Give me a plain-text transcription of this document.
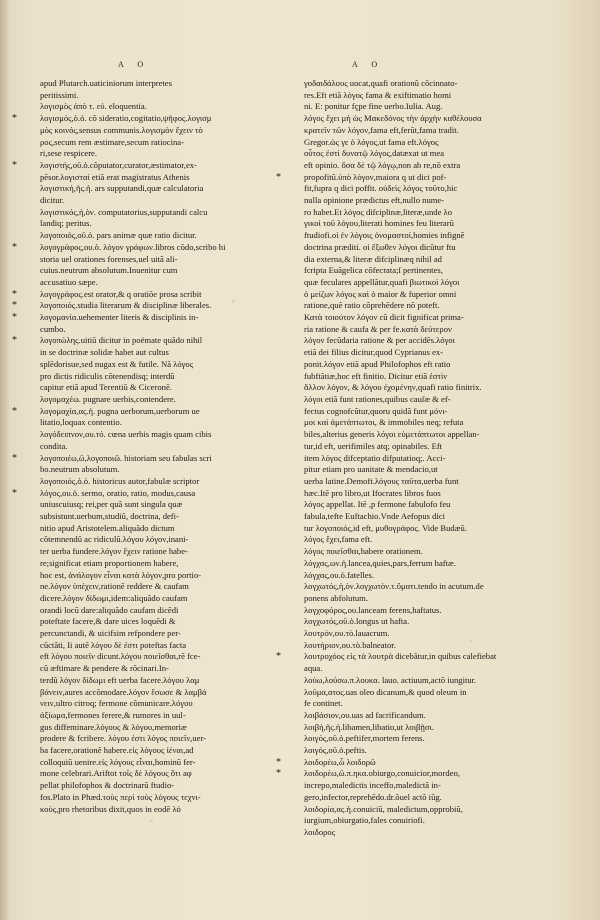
A O	A O
apud Plutarch.uaticiniorum interpretes
peritissimi.
λογισμὸς ἀπὸ τ. εὐ. eloquentia.
* λογισμός,ὁ.ὁ. cõ sideratio,cogitatio,ψῆφος.λογισμ
μὸς κοινός,sensus communis.λογισμὸν ἔχειν τὸ
ρος,secum rem æstimare,secum ratiocina-
ri,sese respicere.
* λογιστής,οῦ.ὁ.cõputator,curator,æstimator,ex-
pēsor.λογισταὶ etiã erat magistratus Athenis
λογιστική,ῆς.ἡ. ars supputandi,quæ calculatoria
dicitur.
λογιστικός,ἡ,ὸν. computatorius,supputandi calcu
landiq; peritus.
λογοποιός,οῦ.ὁ. pars animæ quæ ratio dicitur.
* λογογράφος,ου.ὁ. λόγον γράφων.libros cõdo,scribo hi
storia uel orationes forenses,uel uitã ali-
cuius.neutrum absolutum.Inuenitur cum
accusatiuo sæpe.
* λογογράφος.est orator,& q oratiõe prosa scribit
* λογοποιός.studia literarum & disciplinæ liberales.
* λογομανία.uehementer literis & disciplinis in-
cumbo.
* λογοπώλης.uitiũ dicitur in poëmate quãdo nihil
in se doctrinæ solidæ habet aut cultus
splēdorisue,sed nugax est & futile. Nã λόγος
pro dictis ridiculis cõtenendisq; interdũ
capitur etiã apud Terentiũ & Ciceronē.
λογομαχέω. pugnare uerbis,contendere.
* λογομαχία,ας.ἡ. pugna uerborum,uerborum ue
litatio,loquax contentio.
λογόδειπνον,ου.τό. cœna uerbis magis quam cibis
condita.
* λογοποιέω,ῶ,λογοποιῶ. historiam seu fabulas scri
bo.neutrum absolutum.
λογοποιός,ὁ.ὁ. historicus autor,fabulæ scriptor
* λόγος,ου.ὁ. sermo, oratio, ratio, modus,causa
uniuscuiusq; rei,per quã sunt singula quæ
subsistunt.uerbum,studiũ, doctrina, defi-
nitio apud Aristotelem.aliquãdo dictum
cõtemnendũ ac ridiculũ.λόγου λόγον,inani-
ter uerba fundere.λόγον ἔχειν ratione habe-
re;significat etiam proportionem habere,
hoc est, ἀνάλογον εἶναι κατὰ λόγον,pro portio-
ne.λόγον ὑπέχειν,rationē reddere & caufam
dicere.λόγον δίδωμι,idem:aliquãdo caufam
orandi locũ dare:aliquãdo caufam dicēdi
poteftate facere,& dare uices loquēdi &
percunctandi, & uicifsim refpondere per-
cũctãti, Ii autē λόγου δὲ ἐστι poteftas facta
eft λόγου ποιεῖν dicunt.λόγου ποιεῖσθαι,rẽ fce-
cũ æftimare & pendere & rõcinari.In-
terdũ λόγον δίδωμι eft uerba facere.λόγου λαμ
βάνειν,aures accõmodare.λόγον ἔσωσε & λαμβά
νειν,ultro citroq; fermone cõmunicare.λόγου
ἀξίωμα,fermones ferere,& rumores in uul-
gus diffeminare.λόγους & λόγου,memoriæ
prodere & fcribere. λόγου ἐστι λόγος ποιεῖν,uer-
ba facere,orationẽ habere.εἰς λόγους ἰέναι,ad
colloquiũ uenire.εἰς λόγους εἶναι,hominũ fer-
mone celebrari.Ariftot τοῖς δὲ λόγους ὅτι aφ
pellat philofophos & doctrinarũ ftudio-
fos.Plato in Phæd.τοὺς περὶ τοὺς λόγους τεχνι-
κοὺς,pro rhetoribus dixit,quos in eodē λό
γοδαιδάλους uocat,quafi orationũ cõcinnato-
res.Eft etiã λόγος fama & exiftimatio homi
ni. E: ponitur fçpe fine uerbo.Iulia. Aug.
λόγος ἔχει μὴ ὡς Μακεδόνος τὴν ἀρχὴν καθέλουσα
κρατεῖν τῶν λόγον,fama eft,ferũt,fama tradit.
Gregor.ὡς γε ὁ λόγος,ut fama eft.λόγος
οὗτος ἐστὶ δυνατῷ λόγος,datæxat ut mea
eft opinio. ὅσα δὲ τῷ λόγῳ,non ab re,nõ extra
* propofitũ.ὑπὸ λόγον,maiora q ut dici pof-
fit,fupra q dici poffit. οὐδεὶς λόγος τοῦτο,hic
nulla opinione prædictus eft,nullo nume-
ro habet.Et λόγος difciplinæ,literæ,unde λο
γικοὶ τοῦ λόγου,literati homines feu literarũ
ftudiofi.οἱ ἐν λόγοις ὀνομαστοί,homies infignẽ
doctrina præditi. οἱ ἔξωθεν λόγοι dicũtur ftu
dia externa,& literæ difciplinæq nihil ad
fcripta Euãgelica cõfecrata;ſ pertinentes,
quæ feculares appellãtur,quafi βιωτικοὶ λόγοι
ὁ μείζων λόγος καὶ ὁ maior & fuperior omni
ratione,quẽ ratio cõprehēdere nõ poteft.
Κατὰ τοιούτον λόγον cũ dicit fignificat prima-
ria ratione & caufa & per fe.κατὰ δεύτερον
λόγον fecũdaria ratione & per accidēs.λόγοι
etiã dei filius dicitur,quod Cyprianus ex-
ponit.λόγον etiã apud Philofophos eft ratio
fubftãtiæ,hoc eft finitio. Dicitur etiã ἐστὶν
ἄλλον λόγον, & λόγου ἐχομένην,quafi ratio finitrix.
λόγοι etiã funt rationes,quibus cauſæ & ef-
fectus cognofcũtur,quoru quidã funt μόνι-
μοι καὶ ἀμετάπτωτοι, & immobiles neq; refuta
biles,alterius generis λόγοι εὐμετάπτωτοι appellan-
tur,id eft, uerifimiles atq; opinabiles. Eft
item λόγος difceptatio difputatioq;. Acci-
pitur etiam pro uanitate & mendacio,ut
uerba latine.Demoft.λόγους ταῦτα,uerba funt
hæc.Itē pro libro,ut Ifocrates libros fuos
λόγος appellat. Itē ,p fermone fabulofo feu
fabula,tefte Euftachio.Vnde Aefopus dici
tur λογοποιός,id eft, μυθογράφος. Vide Budæũ.
λόγος ἔχει,fama eft.
λόγος ποιεῖσθαι,habere orationem.
λόγχας,ων.ἡ.lancea,quies,pars,ferrum haftæ.
λόγχας,ου.ὁ.fatelles.
λογχωτός,ἡ,ὸν.λογχωτὸν.τ.ὕματι.tendo in acutum.de
ponens abfolutum.
λογχοφόρος,ου.lanceam ferens,haftatus.
λογχωτός,οῦ.ὁ.longus ut hafta.
λουτρόν,ου.τὸ.lauacrum.
λουτήριον,ου.τὸ.balneator.
* λουτροχόος εἰς τὰ λουτρὰ dicebãtur,in quibus calefiebat
aqua.
λούω,λούσω.π.λουκα. lauo. actiuum,actõ iungitur.
λοῦμα,ατος.uas oleo dicanum,& quod oleum in
fe continet.
λοιβάσιον,ου.uas ad facrificandum.
λοιβή,ῆς.ἡ.libamen,libatio,ut λοιβῇσι.
λοιγός,οῦ.ὁ.peftifer,mortem ferens.
λοιγός,οῦ.ὁ.peftis.
* λοιδορέω,ὦ λοιδορῶ
* λοιδορέω,ῶ.π.ηκα.obiurgo,conuicior,mordeo,
increpo,maledictis inceffo,maledictã in-
gero,infector,reprehēdo.dr.õuel actõ iūg.
λοιδορία,ας.ἡ.conuiciũ, maledictum,opprobiũ,
iurgium,obiurgatio,fales conuiriofi.
λοιδορος
